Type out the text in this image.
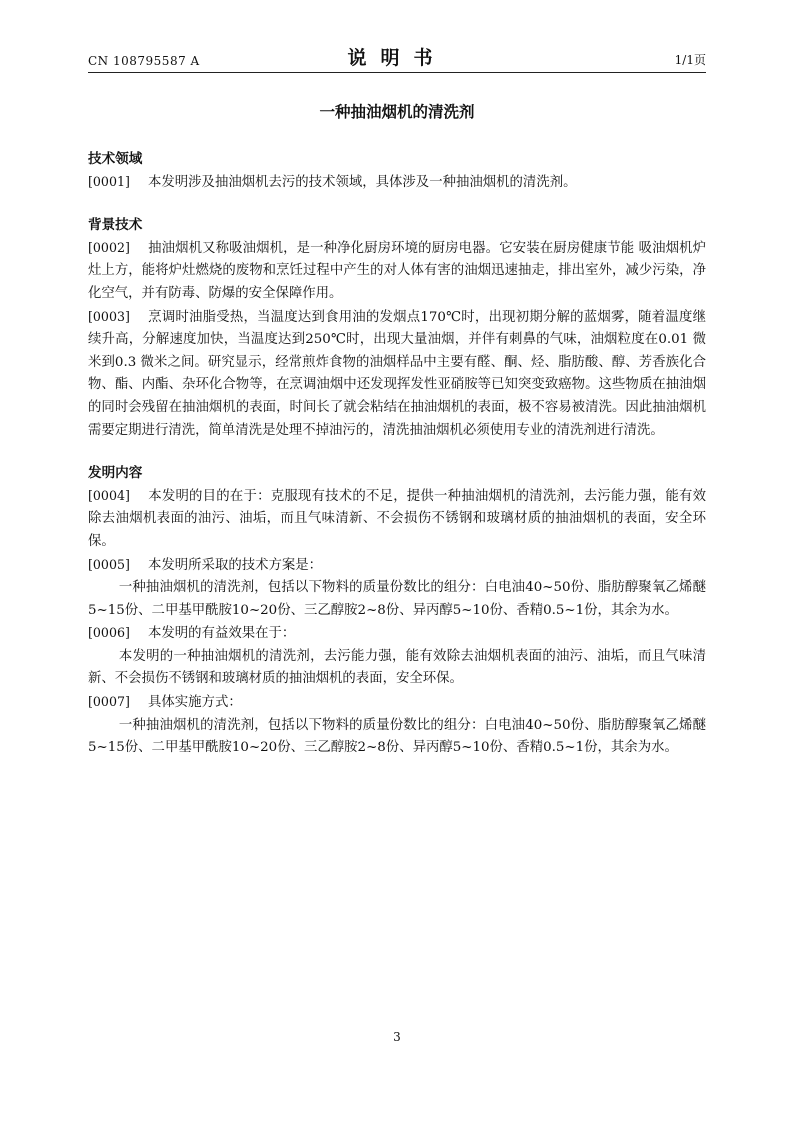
CN 108795587 A	说明书	1/1页
一种抽油烟机的清洗剂
技术领域

[0001] 本发明涉及抽油烟机去污的技术领域，具体涉及一种抽油烟机的清洗剂。

背景技术

[0002] 抽油烟机又称吸油烟机，是一种净化厨房环境的厨房电器。它安装在厨房健康节能 吸油烟机炉灶上方，能将炉灶燃烧的废物和烹饪过程中产生的对人体有害的油烟迅速抽走，排出室外，减少污染，净化空气，并有防毒、防爆的安全保障作用。

[0003] 烹调时油脂受热，当温度达到食用油的发烟点170℃时，出现初期分解的蓝烟雾，随着温度继续升高，分解速度加快，当温度达到250℃时，出现大量油烟，并伴有刺鼻的气味，油烟粒度在0.01 微米到0.3 微米之间。研究显示，经常煎炸食物的油烟样品中主要有醛、酮、烃、脂肪酸、醇、芳香族化合物、酯、内酯、杂环化合物等，在烹调油烟中还发现挥发性亚硝胺等已知突变致癌物。这些物质在抽油烟的同时会残留在抽油烟机的表面，时间长了就会粘结在抽油烟机的表面，极不容易被清洗。因此抽油烟机需要定期进行清洗，简单清洗是处理不掉油污的，清洗抽油烟机必须使用专业的清洗剂进行清洗。

发明内容

[0004] 本发明的目的在于：克服现有技术的不足，提供一种抽油烟机的清洗剂，去污能力强，能有效除去油烟机表面的油污、油垢，而且气味清新、不会损伤不锈钢和玻璃材质的抽油烟机的表面，安全环保。

[0005] 本发明所采取的技术方案是：

一种抽油烟机的清洗剂，包括以下物料的质量份数比的组分：白电油40~50份、脂肪醇聚氧乙烯醚5~15份、二甲基甲酰胺10~20份、三乙醇胺2~8份、异丙醇5~10份、香精0.5~1份，其余为水。

[0006] 本发明的有益效果在于：

本发明的一种抽油烟机的清洗剂，去污能力强，能有效除去油烟机表面的油污、油垢，而且气味清新、不会损伤不锈钢和玻璃材质的抽油烟机的表面，安全环保。

[0007] 具体实施方式：

一种抽油烟机的清洗剂，包括以下物料的质量份数比的组分：白电油40~50份、脂肪醇聚氧乙烯醚5~15份、二甲基甲酰胺10~20份、三乙醇胺2~8份、异丙醇5~10份、香精0.5~1份，其余为水。

3
